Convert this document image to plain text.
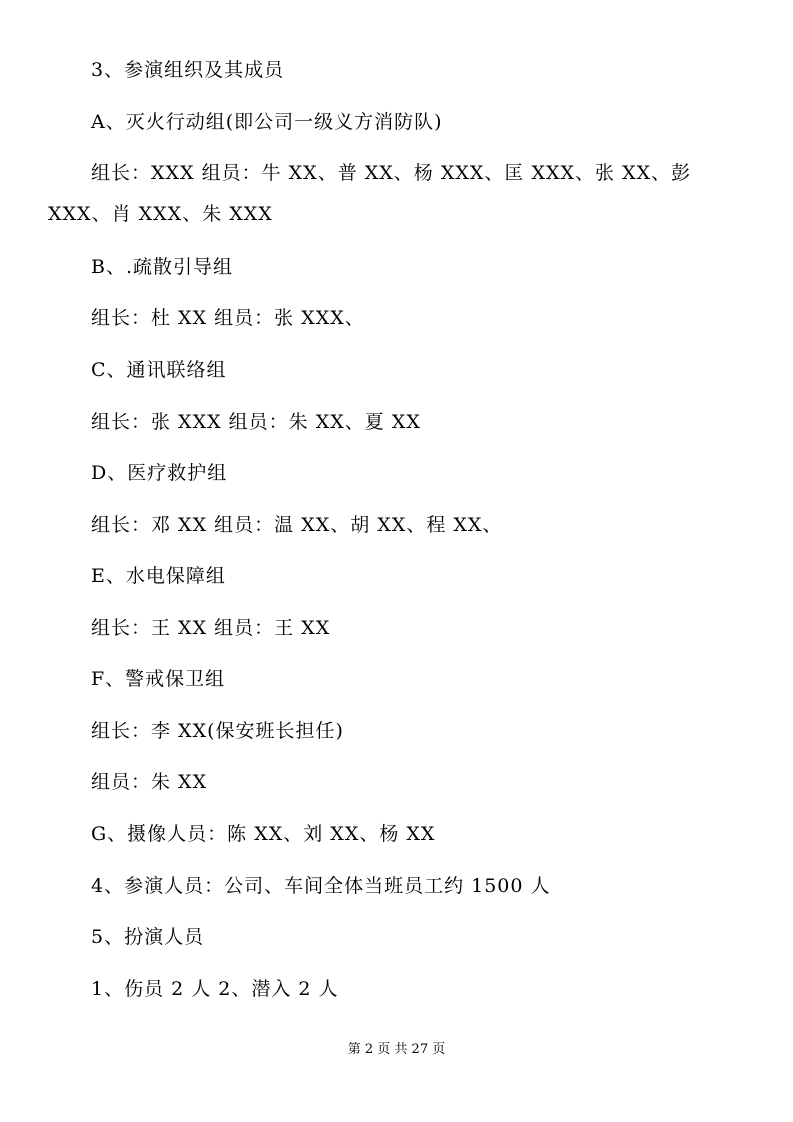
3、参演组织及其成员
A、灭火行动组(即公司一级义方消防队)
组长：XXX 组员：牛 XX、普 XX、杨 XXX、匡 XXX、张 XX、彭 XXX、肖 XXX、朱 XXX
B、.疏散引导组
组长：杜 XX 组员：张 XXX、
C、通讯联络组
组长：张 XXX 组员：朱 XX、夏 XX
D、医疗救护组
组长：邓 XX 组员：温 XX、胡 XX、程 XX、
E、水电保障组
组长：王 XX 组员：王 XX
F、警戒保卫组
组长：李 XX(保安班长担任)
组员：朱 XX
G、摄像人员：陈 XX、刘 XX、杨 XX
4、参演人员：公司、车间全体当班员工约 1500 人
5、扮演人员
1、伤员 2 人 2、潜入 2 人
第 2 页 共 27 页
